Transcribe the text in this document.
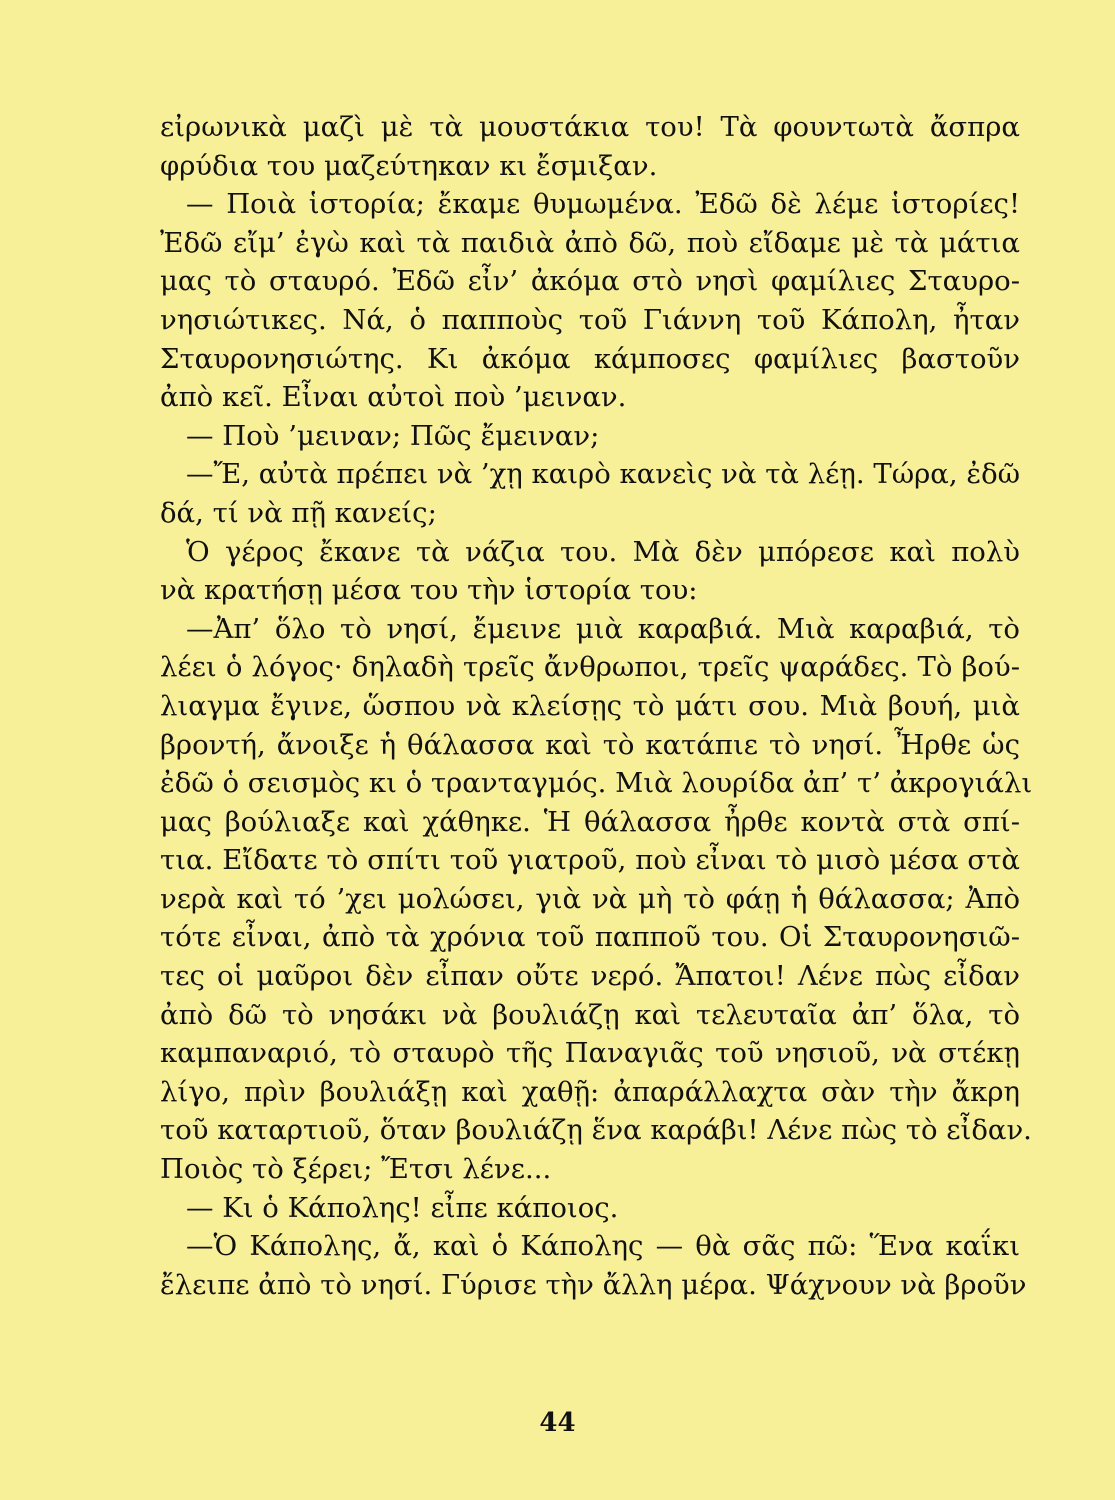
εἰρωνικὰ μαζὶ μὲ τὰ μουστάκια του! Τὰ φουντωτὰ ἄσπρα
φρύδια του μαζεύτηκαν κι ἔσμιξαν.
— Ποιὰ ἱστορία; ἔκαμε θυμωμένα. Ἐδῶ δὲ λέμε ἱστορίες!
Ἐδῶ εἴμ’ ἐγὼ καὶ τὰ παιδιὰ ἀπὸ δῶ, ποὺ εἴδαμε μὲ τὰ μάτια
μας τὸ σταυρό. Ἐδῶ εἶν’ ἀκόμα στὸ νησὶ φαμίλιες Σταυρο-
νησιώτικες. Νά, ὁ παπποὺς τοῦ Γιάννη τοῦ Κάπολη, ἦταν
Σταυρονησιώτης. Κι ἀκόμα κάμποσες φαμίλιες βαστοῦν
ἀπὸ κεῖ. Εἶναι αὐτοὶ ποὺ ’μειναν.
— Ποὺ ’μειναν; Πῶς ἔμειναν;
—Ἔ, αὐτὰ πρέπει νὰ ’χῃ καιρὸ κανεὶς νὰ τὰ λέῃ. Τώρα, ἐδῶ
δά, τί νὰ πῇ κανείς;
Ὁ γέρος ἔκανε τὰ νάζια του. Μὰ δὲν μπόρεσε καὶ πολὺ
νὰ κρατήσῃ μέσα του τὴν ἱστορία του:
—Ἀπ’ ὅλο τὸ νησί, ἔμεινε μιὰ καραβιά. Μιὰ καραβιά, τὸ
λέει ὁ λόγος· δηλαδὴ τρεῖς ἄνθρωποι, τρεῖς ψαράδες. Τὸ βού-
λιαγμα ἔγινε, ὥσπου νὰ κλείσῃς τὸ μάτι σου. Μιὰ βουή, μιὰ
βροντή, ἄνοιξε ἡ θάλασσα καὶ τὸ κατάπιε τὸ νησί. Ἦρθε ὡς
ἐδῶ ὁ σεισμὸς κι ὁ τρανταγμός. Μιὰ λουρίδα ἀπ’ τ’ ἀκρογιάλι
μας βούλιαξε καὶ χάθηκε. Ἡ θάλασσα ἦρθε κοντὰ στὰ σπί-
τια. Εἴδατε τὸ σπίτι τοῦ γιατροῦ, ποὺ εἶναι τὸ μισὸ μέσα στὰ
νερὰ καὶ τό ’χει μολώσει, γιὰ νὰ μὴ τὸ φάῃ ἡ θάλασσα; Ἀπὸ
τότε εἶναι, ἀπὸ τὰ χρόνια τοῦ παπποῦ του. Οἱ Σταυρονησιῶ-
τες οἱ μαῦροι δὲν εἶπαν οὔτε νερό. Ἄπατοι! Λένε πὼς εἶδαν
ἀπὸ δῶ τὸ νησάκι νὰ βουλιάζῃ καὶ τελευταῖα ἀπ’ ὅλα, τὸ
καμπαναριό, τὸ σταυρὸ τῆς Παναγιᾶς τοῦ νησιοῦ, νὰ στέκῃ
λίγο, πρὶν βουλιάξῃ καὶ χαθῇ: ἀπαράλλαχτα σὰν τὴν ἄκρη
τοῦ καταρτιοῦ, ὅταν βουλιάζῃ ἕνα καράβι! Λένε πὼς τὸ εἶδαν.
Ποιὸς τὸ ξέρει; Ἔτσι λένε...
— Κι ὁ Κάπολης! εἶπε κάποιος.
—Ὁ Κάπολης, ἄ, καὶ ὁ Κάπολης — θὰ σᾶς πῶ: Ἕνα καΐκι
ἔλειπε ἀπὸ τὸ νησί. Γύρισε τὴν ἄλλη μέρα. Ψάχνουν νὰ βροῦν
44
